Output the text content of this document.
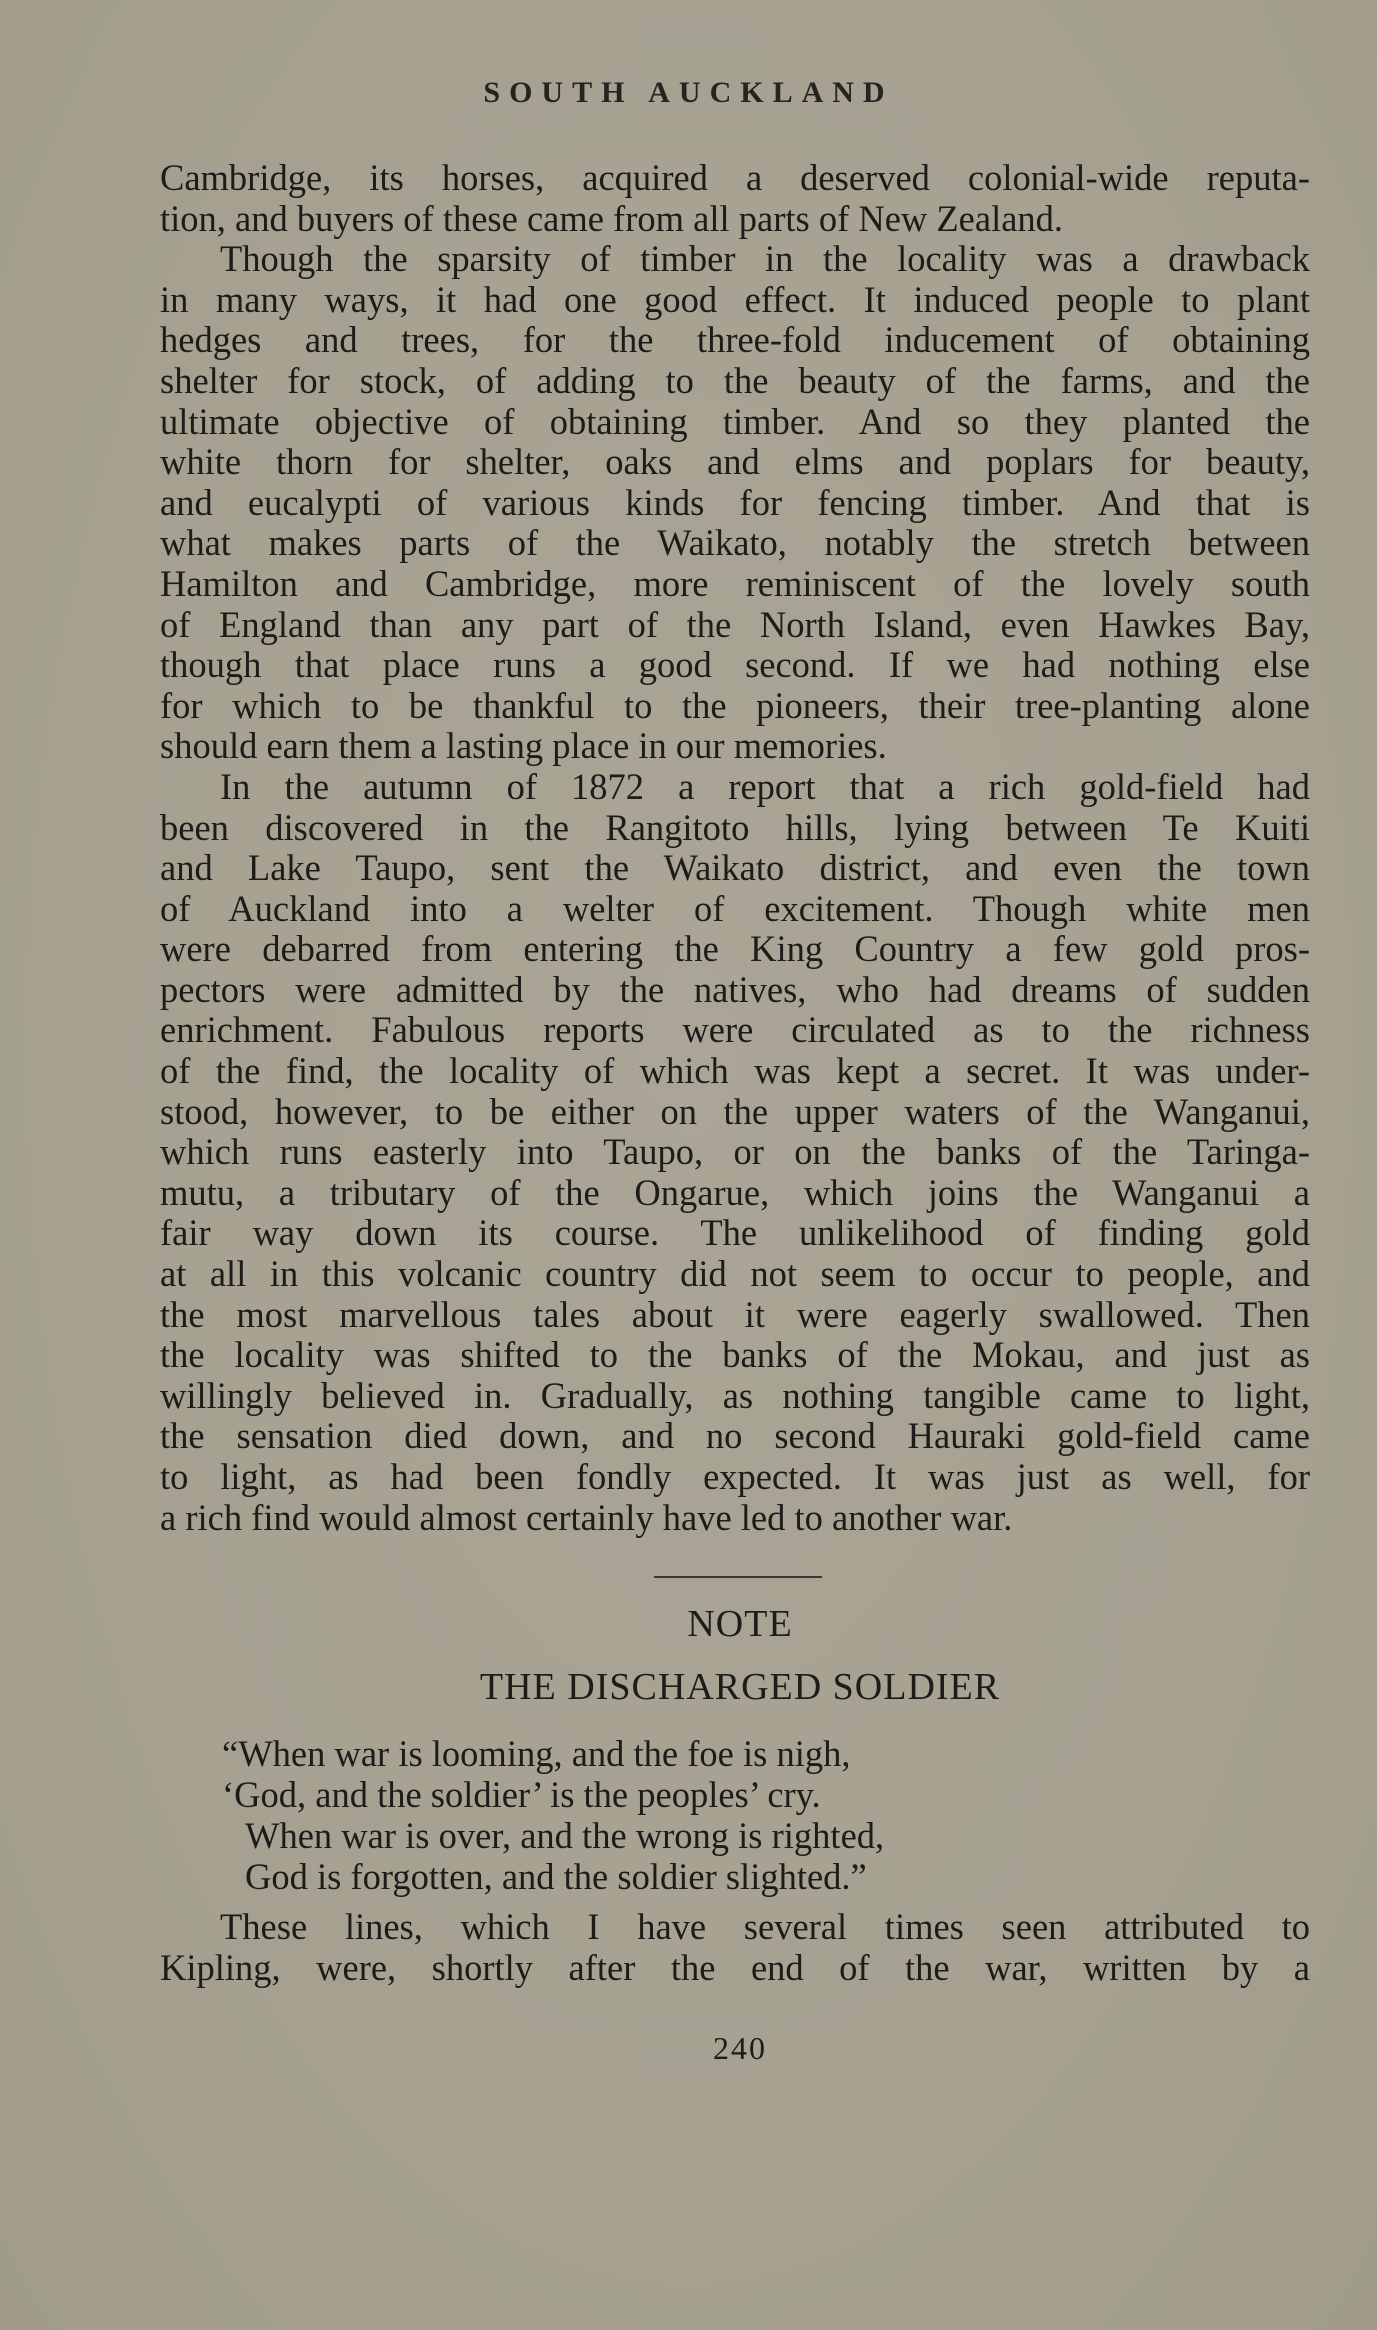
SOUTH AUCKLAND
Cambridge, its horses, acquired a deserved colonial-wide reputa-
tion, and buyers of these came from all parts of New Zealand.
Though the sparsity of timber in the locality was a drawback
in many ways, it had one good effect. It induced people to plant
hedges and trees, for the three-fold inducement of obtaining
shelter for stock, of adding to the beauty of the farms, and the
ultimate objective of obtaining timber. And so they planted the
white thorn for shelter, oaks and elms and poplars for beauty,
and eucalypti of various kinds for fencing timber. And that is
what makes parts of the Waikato, notably the stretch between
Hamilton and Cambridge, more reminiscent of the lovely south
of England than any part of the North Island, even Hawkes Bay,
though that place runs a good second. If we had nothing else
for which to be thankful to the pioneers, their tree-planting alone
should earn them a lasting place in our memories.
In the autumn of 1872 a report that a rich gold-field had
been discovered in the Rangitoto hills, lying between Te Kuiti
and Lake Taupo, sent the Waikato district, and even the town
of Auckland into a welter of excitement. Though white men
were debarred from entering the King Country a few gold pros-
pectors were admitted by the natives, who had dreams of sudden
enrichment. Fabulous reports were circulated as to the richness
of the find, the locality of which was kept a secret. It was under-
stood, however, to be either on the upper waters of the Wanganui,
which runs easterly into Taupo, or on the banks of the Taringa-
mutu, a tributary of the Ongarue, which joins the Wanganui a
fair way down its course. The unlikelihood of finding gold
at all in this volcanic country did not seem to occur to people, and
the most marvellous tales about it were eagerly swallowed. Then
the locality was shifted to the banks of the Mokau, and just as
willingly believed in. Gradually, as nothing tangible came to light,
the sensation died down, and no second Hauraki gold-field came
to light, as had been fondly expected. It was just as well, for
a rich find would almost certainly have led to another war.
NOTE
THE DISCHARGED SOLDIER
“When war is looming, and the foe is nigh,
‘God, and the soldier’ is the peoples’ cry.
When war is over, and the wrong is righted,
God is forgotten, and the soldier slighted.”
These lines, which I have several times seen attributed to
Kipling, were, shortly after the end of the war, written by a
240
